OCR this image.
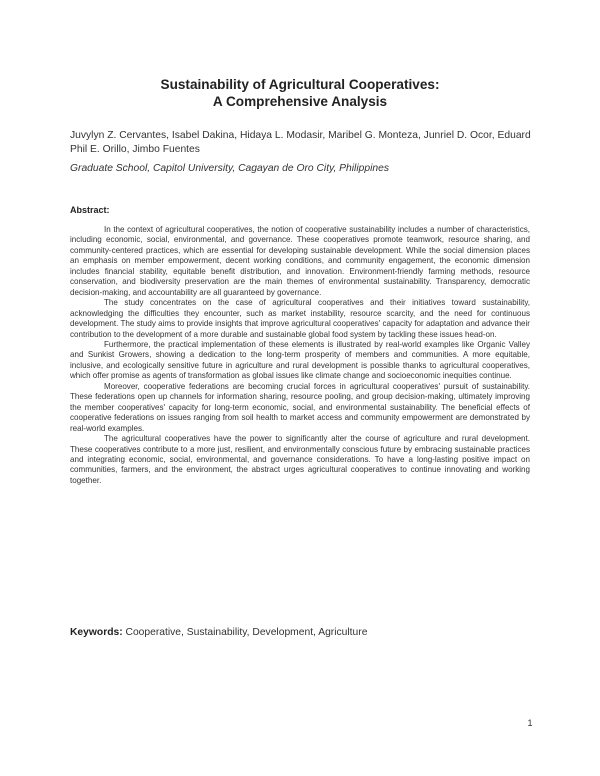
Sustainability of Agricultural Cooperatives:
A Comprehensive Analysis
Juvylyn Z. Cervantes, Isabel Dakina, Hidaya L. Modasir, Maribel G. Monteza, Junriel D. Ocor, Eduard Phil E. Orillo, Jimbo Fuentes
Graduate School, Capitol University, Cagayan de Oro City, Philippines
Abstract:

In the context of agricultural cooperatives, the notion of cooperative sustainability includes a number of characteristics, including economic, social, environmental, and governance. These cooperatives promote teamwork, resource sharing, and community-centered practices, which are essential for developing sustainable development. While the social dimension places an emphasis on member empowerment, decent working conditions, and community engagement, the economic dimension includes financial stability, equitable benefit distribution, and innovation. Environment-friendly farming methods, resource conservation, and biodiversity preservation are the main themes of environmental sustainability. Transparency, democratic decision-making, and accountability are all guaranteed by governance.

The study concentrates on the case of agricultural cooperatives and their initiatives toward sustainability, acknowledging the difficulties they encounter, such as market instability, resource scarcity, and the need for continuous development. The study aims to provide insights that improve agricultural cooperatives' capacity for adaptation and advance their contribution to the development of a more durable and sustainable global food system by tackling these issues head-on.

Furthermore, the practical implementation of these elements is illustrated by real-world examples like Organic Valley and Sunkist Growers, showing a dedication to the long-term prosperity of members and communities. A more equitable, inclusive, and ecologically sensitive future in agriculture and rural development is possible thanks to agricultural cooperatives, which offer promise as agents of transformation as global issues like climate change and socioeconomic inequities continue.

Moreover, cooperative federations are becoming crucial forces in agricultural cooperatives' pursuit of sustainability. These federations open up channels for information sharing, resource pooling, and group decision-making, ultimately improving the member cooperatives' capacity for long-term economic, social, and environmental sustainability. The beneficial effects of cooperative federations on issues ranging from soil health to market access and community empowerment are demonstrated by real-world examples.

The agricultural cooperatives have the power to significantly alter the course of agriculture and rural development. These cooperatives contribute to a more just, resilient, and environmentally conscious future by embracing sustainable practices and integrating economic, social, environmental, and governance considerations. To have a long-lasting positive impact on communities, farmers, and the environment, the abstract urges agricultural cooperatives to continue innovating and working together.

Keywords: Cooperative, Sustainability, Development, Agriculture
1
